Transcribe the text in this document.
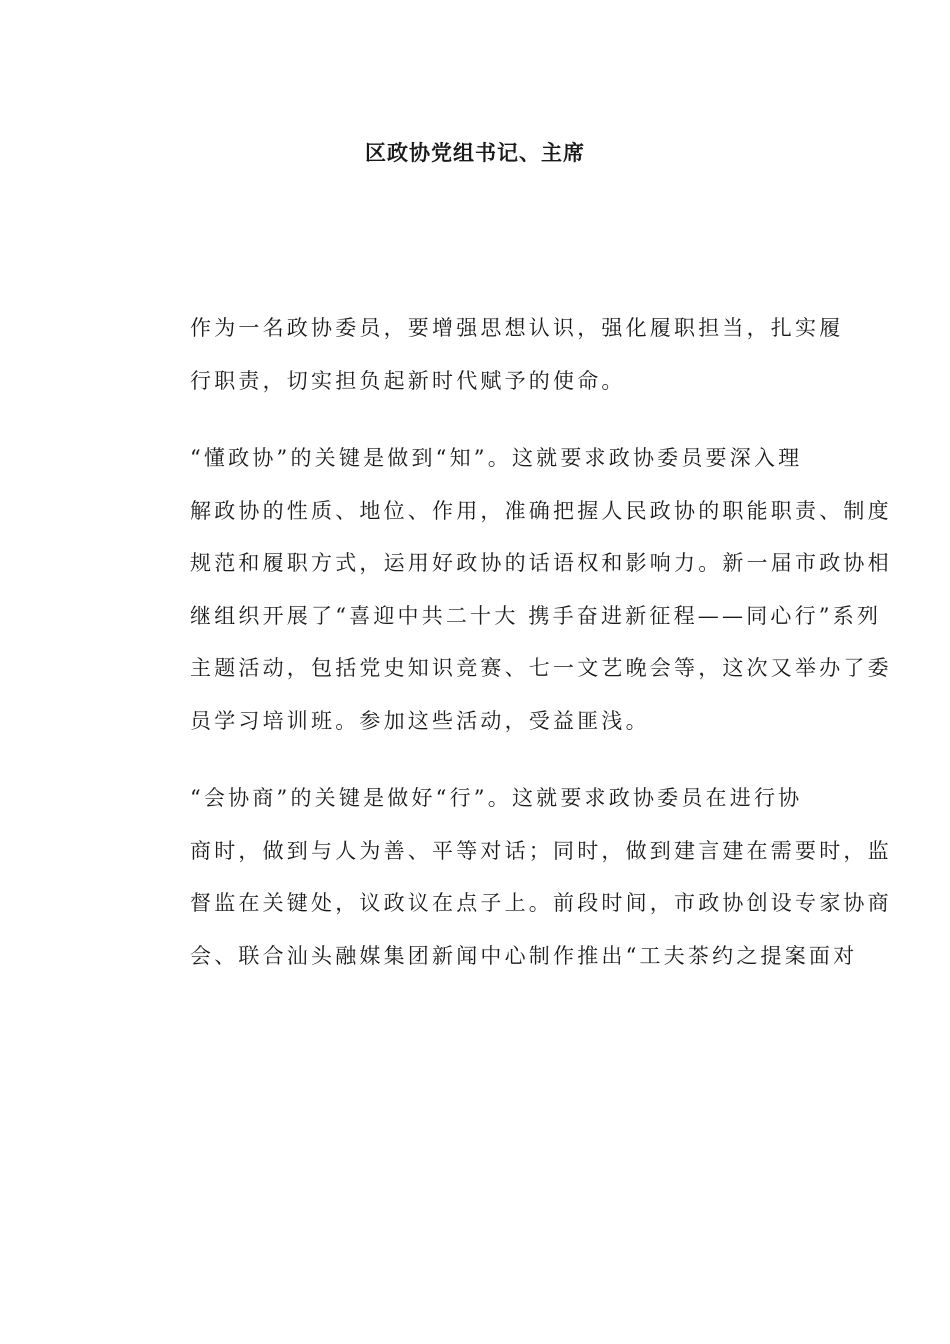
区政协党组书记、主席

作为一名政协委员，要增强思想认识，强化履职担当，扎实履
行职责，切实担负起新时代赋予的使命。

“懂政协”的关键是做到“知”。这就要求政协委员要深入理
解政协的性质、地位、作用，准确把握人民政协的职能职责、制度
规范和履职方式，运用好政协的话语权和影响力。新一届市政协相
继组织开展了“喜迎中共二十大 携手奋进新征程——同心行”系列
主题活动，包括党史知识竞赛、七一文艺晚会等，这次又举办了委
员学习培训班。参加这些活动，受益匪浅。

“会协商”的关键是做好“行”。这就要求政协委员在进行协
商时，做到与人为善、平等对话；同时，做到建言建在需要时，监
督监在关键处，议政议在点子上。前段时间，市政协创设专家协商
会、联合汕头融媒集团新闻中心制作推出“工夫茶约之提案面对
